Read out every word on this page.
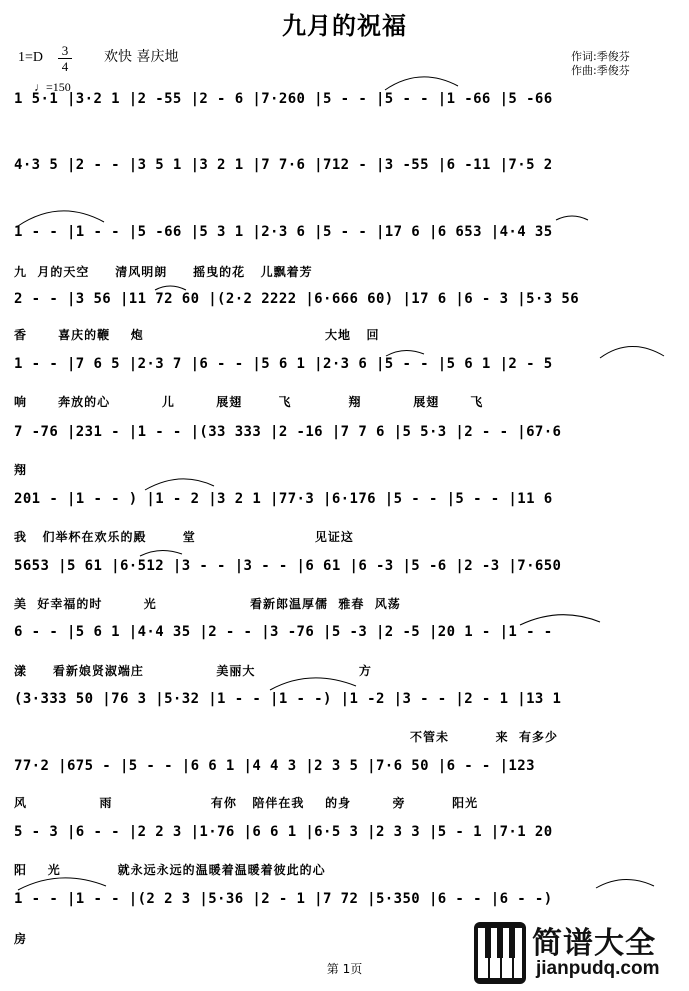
九月的祝福
1=D 3
4
♩=150
欢快 喜庆地	作词:季俊芬
作曲:季俊芬
1 5·1 |3·2 1 |2 -55 |2 - 6 |7·260 |5 - - |5 - - |1 -66 |5 -66
4·3 5 |2 - - |3 5 1 |3 2 1 |7 7·6 |712 - |3 -55 |6 -11 |7·5 2
1 - - |1 - - |5 -66 |5 3 1 |2·3 6 |5 - - |17 6 |6 653 |4·4 35
九  月的天空     清风明朗     摇曳的花   儿飘着芳
2 - - |3 56 |11 72 60 |(2·2 2222 |6·666 60) |17 6 |6 - 3 |5·3 56
香      喜庆的鞭    炮                                   大地   回
1 - - |7 6 5 |2·3 7 |6 - - |5 6 1 |2·3 6 |5 - - |5 6 1 |2 - 5
响      奔放的心          儿        展翅       飞           翔          展翅      飞
7 -76 |231 - |1 - - |(33 333 |2 -16 |7 7 6 |5 5·3 |2 - - |67·6
翔
201 - |1 - - ) |1 - 2 |3 2 1 |77·3 |6·176 |5 - - |5 - - |11 6
我   们举杯在欢乐的殿       堂                       见证这
5653 |5 61 |6·512 |3 - - |3 - - |6 61 |6 -3 |5 -6 |2 -3 |7·650
美  好幸福的时        光                  看新郎温厚儒  雅春  风荡
6 - - |5 6 1 |4·4 35 |2 - - |3 -76 |5 -3 |2 -5 |20 1 - |1 - -
漾     看新娘贤淑端庄              美丽大                    方
(3·333 50 |76 3 |5·32 |1 - - |1 - -) |1 -2 |3 - - |2 - 1 |13 1
不管未         来  有多少
77·2 |675 - |5 - - |6 6 1 |4 4 3 |2 3 5 |7·6 50 |6 - - |123
风              雨                   有你   陪伴在我    的身        旁         阳光
5 - 3 |6 - - |2 2 3 |1·76 |6 6 1 |6·5 3 |2 3 3 |5 - 1 |7·1 20
阳    光           就永远永远的温暖着温暖着彼此的心
1 - - |1 - - |(2 2 3 |5·36 |2 - 1 |7 72 |5·350 |6 - - |6 - -)
房
第 1页
简谱大全
jianpudq.com
